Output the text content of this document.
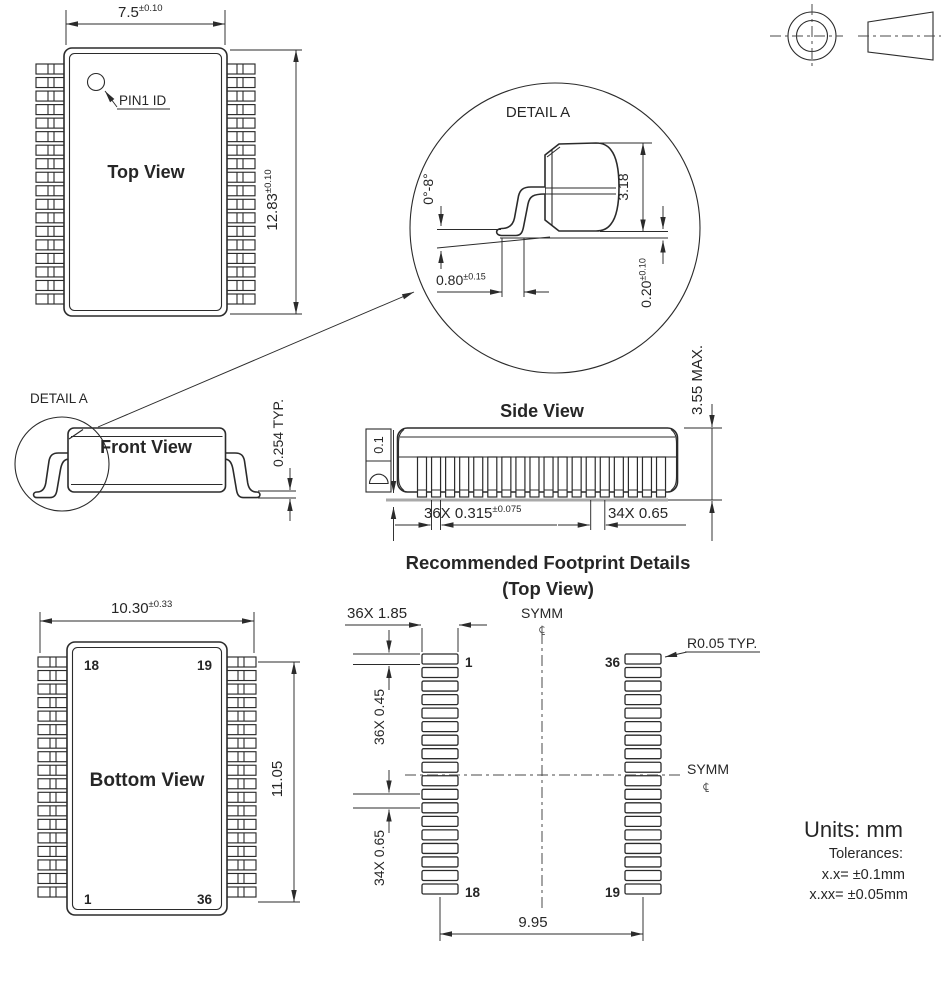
PIN1 ID
Top View
$7.5^{\pm 0.10}$
$12.83^{\pm 0.10}$
DETAIL A
0°-8°	3.18
$0.20^{\pm 0.10}$
$0.80^{\pm 0.15}$
DETAIL A
Front View	0.254 TYP.	Side View
0.1
36X $0.315^{\pm 0.075}$	34X 0.65
3.55 MAX.
18	19
1	36
Bottom View
$10.30^{\pm 0.33}$
11.05
Recommended Footprint Details
(Top View)
SYMM
SYMM
1	36
18	19
36X 1.85
R0.05 TYP.
36X 0.45
34X 0.65
9.95
Units: mm
Tolerances:
x.x= ±0.1mm
x.xx= ±0.05mm
